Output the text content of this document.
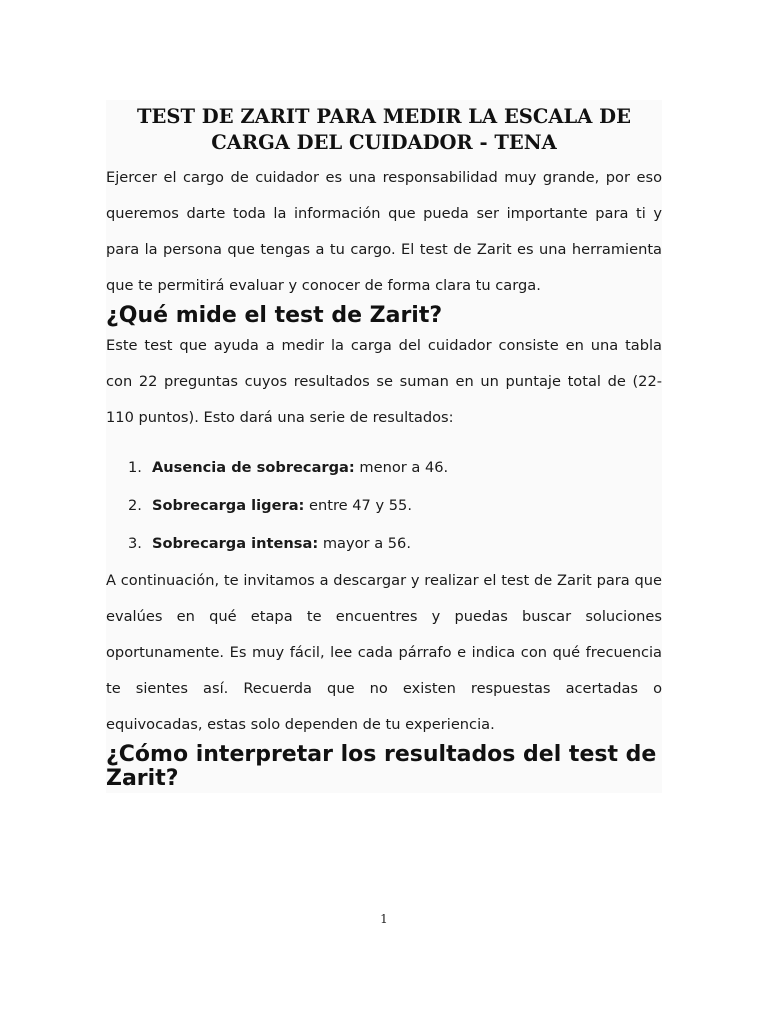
TEST DE ZARIT PARA MEDIR LA ESCALA DE CARGA DEL CUIDADOR - TENA

Ejercer el cargo de cuidador es una responsabilidad muy grande, por eso queremos darte toda la información que pueda ser importante para ti y para la persona que tengas a tu cargo. El test de Zarit es una herramienta que te permitirá evaluar y conocer de forma clara tu carga.

¿Qué mide el test de Zarit?

Este test que ayuda a medir la carga del cuidador consiste en una tabla con 22 preguntas cuyos resultados se suman en un puntaje total de (22-110 puntos). Esto dará una serie de resultados:

1. Ausencia de sobrecarga: menor a 46.
2. Sobrecarga ligera: entre 47 y 55.
3. Sobrecarga intensa: mayor a 56.

A continuación, te invitamos a descargar y realizar el test de Zarit para que evalúes en qué etapa te encuentres y puedas buscar soluciones oportunamente. Es muy fácil, lee cada párrafo e indica con qué frecuencia te sientes así. Recuerda que no existen respuestas acertadas o equivocadas, estas solo dependen de tu experiencia.

¿Cómo interpretar los resultados del test de Zarit?
1
